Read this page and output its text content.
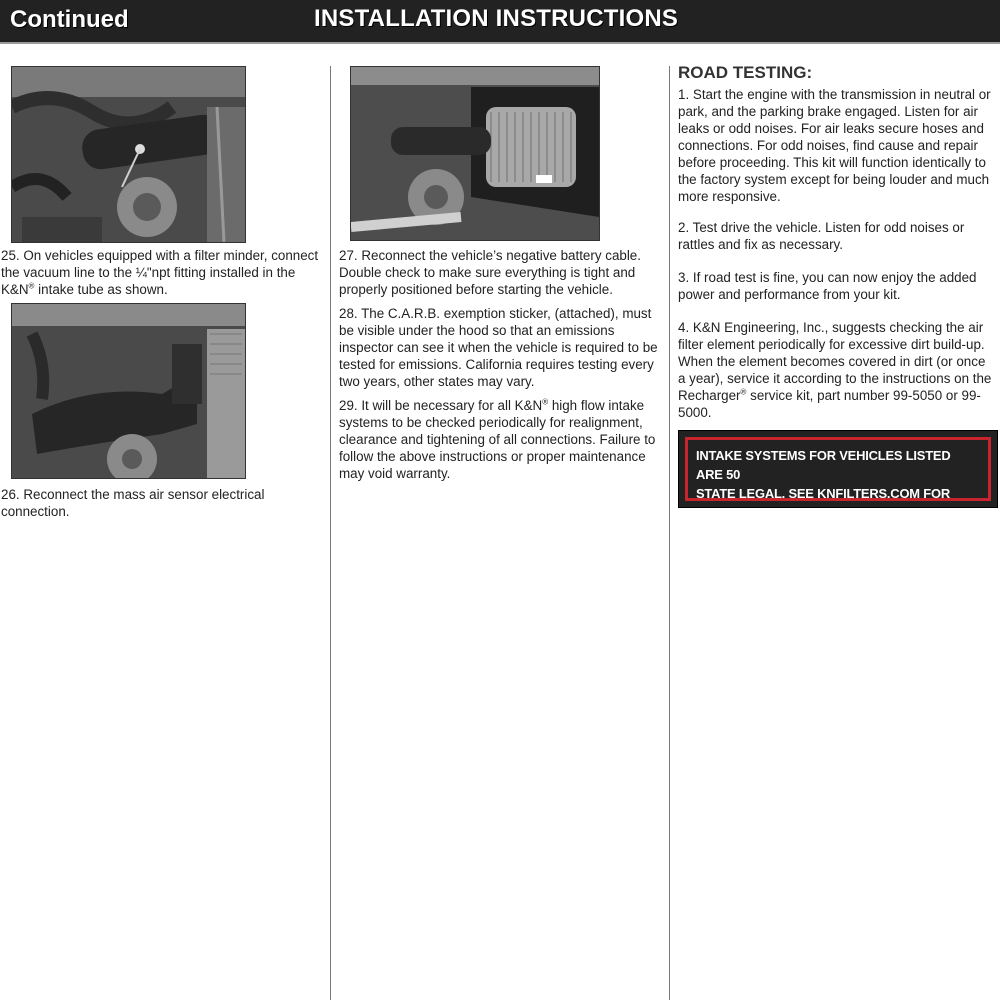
Continued	INSTALLATION INSTRUCTIONS

25. On vehicles equipped with a filter minder, connect the vacuum line to the ¼"npt fitting installed in the K&N® intake tube as shown.

26. Reconnect the mass air sensor electrical connection.

27. Reconnect the vehicle’s negative battery cable. Double check to make sure everything is tight and properly positioned before starting the vehicle.

28. The C.A.R.B. exemption sticker, (attached), must be visible under the hood so that an emissions inspector can see it when the vehicle is required to be tested for emissions. California requires testing every two years, other states may vary.

29. It will be necessary for all K&N® high flow intake systems to be checked periodically for realignment, clearance and tightening of all connections. Failure to follow the above instructions or proper maintenance may void warranty.

ROAD TESTING:

1. Start the engine with the transmission in neutral or park, and the parking brake engaged. Listen for air leaks or odd noises. For air leaks secure hoses and connections. For odd noises, find cause and repair before proceeding. This kit will function identically to the factory system except for being louder and much more responsive.

2. Test drive the vehicle. Listen for odd noises or rattles and fix as necessary.

3. If road test is fine, you can now enjoy the added power and performance from your kit.

4. K&N Engineering, Inc., suggests checking the air filter element periodically for excessive dirt build-up. When the element becomes covered in dirt (or once a year), service it according to the instructions on the Recharger® service kit, part number 99-5050 or 99-5000.

INTAKE SYSTEMS FOR VEHICLES LISTED ARE 50
STATE LEGAL. SEE KNFILTERS.COM FOR CARB
STATUS ON EACH PART FOR A SPECIFIC VEHICLE.
